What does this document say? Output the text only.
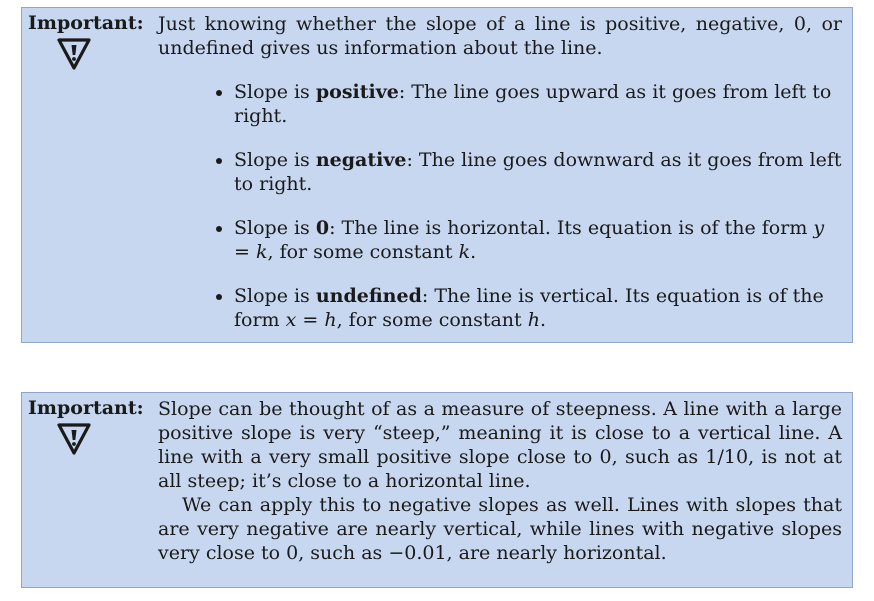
Important: Just knowing whether the slope of a line is positive, negative, 0, or undefined gives us information about the line.

Slope is positive: The line goes upward as it goes from left to right.
Slope is negative: The line goes downward as it goes from left to right.
Slope is 0: The line is horizontal. Its equation is of the form y = k, for some constant k.
Slope is undefined: The line is vertical. Its equation is of the form x = h, for some constant h.
Important: Slope can be thought of as a measure of steepness. A line with a large positive slope is very “steep,” meaning it is close to a vertical line. A line with a very small positive slope close to 0, such as 1/10, is not at all steep; it’s close to a horizontal line.

We can apply this to negative slopes as well. Lines with slopes that are very negative are nearly vertical, while lines with negative slopes very close to 0, such as −0.01, are nearly horizontal.
